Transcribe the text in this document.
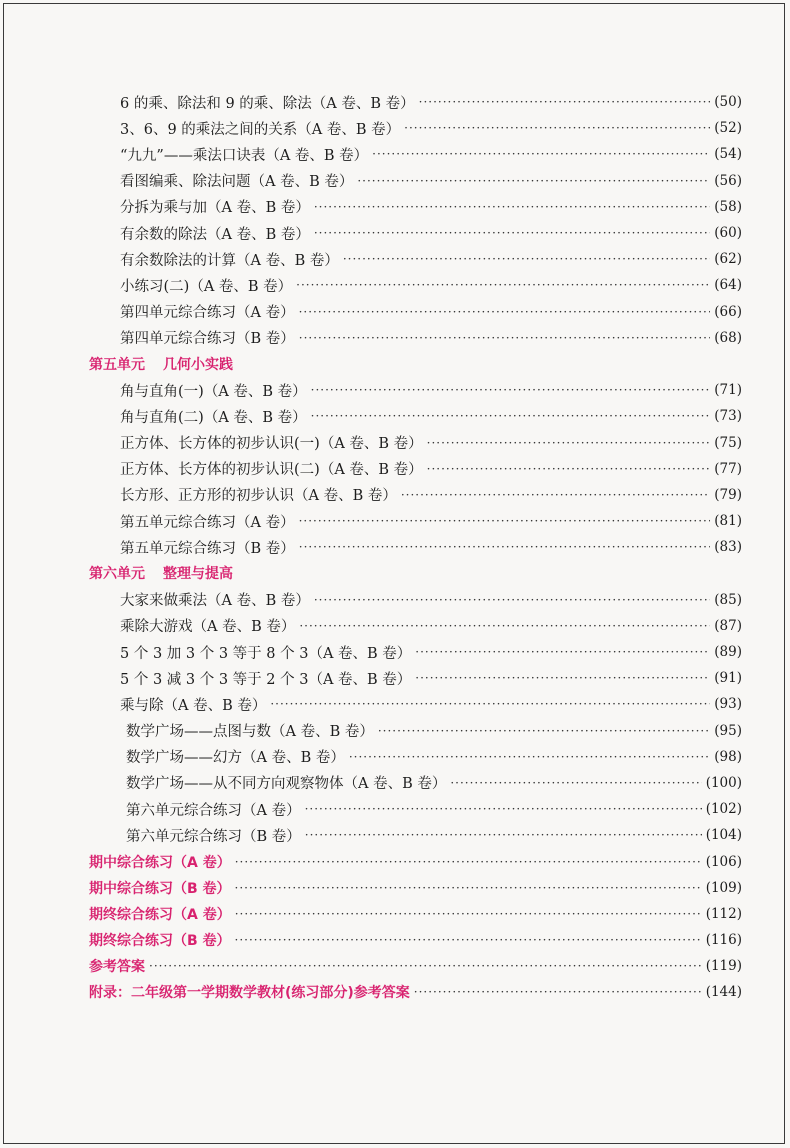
6 的乘、除法和 9 的乘、除法（A 卷、B 卷） ·····	(50)
3、6、9 的乘法之间的关系（A 卷、B 卷） ·····	(52)
“九九”——乘法口诀表（A 卷、B 卷） ·····	(54)
看图编乘、除法问题（A 卷、B 卷） ·····	(56)
分拆为乘与加（A 卷、B 卷） ·····	(58)
有余数的除法（A 卷、B 卷） ·····	(60)
有余数除法的计算（A 卷、B 卷） ·····	(62)
小练习(二)（A 卷、B 卷） ·····	(64)
第四单元综合练习（A 卷） ·····	(66)
第四单元综合练习（B 卷） ·····	(68)
第五单元 几何小实践
角与直角(一)（A 卷、B 卷） ·····	(71)
角与直角(二)（A 卷、B 卷） ·····	(73)
正方体、长方体的初步认识(一)（A 卷、B 卷） ·····	(75)
正方体、长方体的初步认识(二)（A 卷、B 卷） ·····	(77)
长方形、正方形的初步认识（A 卷、B 卷） ·····	(79)
第五单元综合练习（A 卷） ·····	(81)
第五单元综合练习（B 卷） ·····	(83)
第六单元 整理与提高
大家来做乘法（A 卷、B 卷） ·····	(85)
乘除大游戏（A 卷、B 卷） ·····	(87)
5 个 3 加 3 个 3 等于 8 个 3（A 卷、B 卷） ·····	(89)
5 个 3 减 3 个 3 等于 2 个 3（A 卷、B 卷） ·····	(91)
乘与除（A 卷、B 卷） ·····	(93)
数学广场——点图与数（A 卷、B 卷） ·····	(95)
数学广场——幻方（A 卷、B 卷） ·····	(98)
数学广场——从不同方向观察物体（A 卷、B 卷） ·····	(100)
第六单元综合练习（A 卷） ·····	(102)
第六单元综合练习（B 卷） ·····	(104)
期中综合练习（A 卷） ·····	(106)
期中综合练习（B 卷） ·····	(109)
期终综合练习（A 卷） ·····	(112)
期终综合练习（B 卷） ·····	(116)
参考答案 ·····	(119)
附录：二年级第一学期数学教材(练习部分)参考答案 ·····	(144)
